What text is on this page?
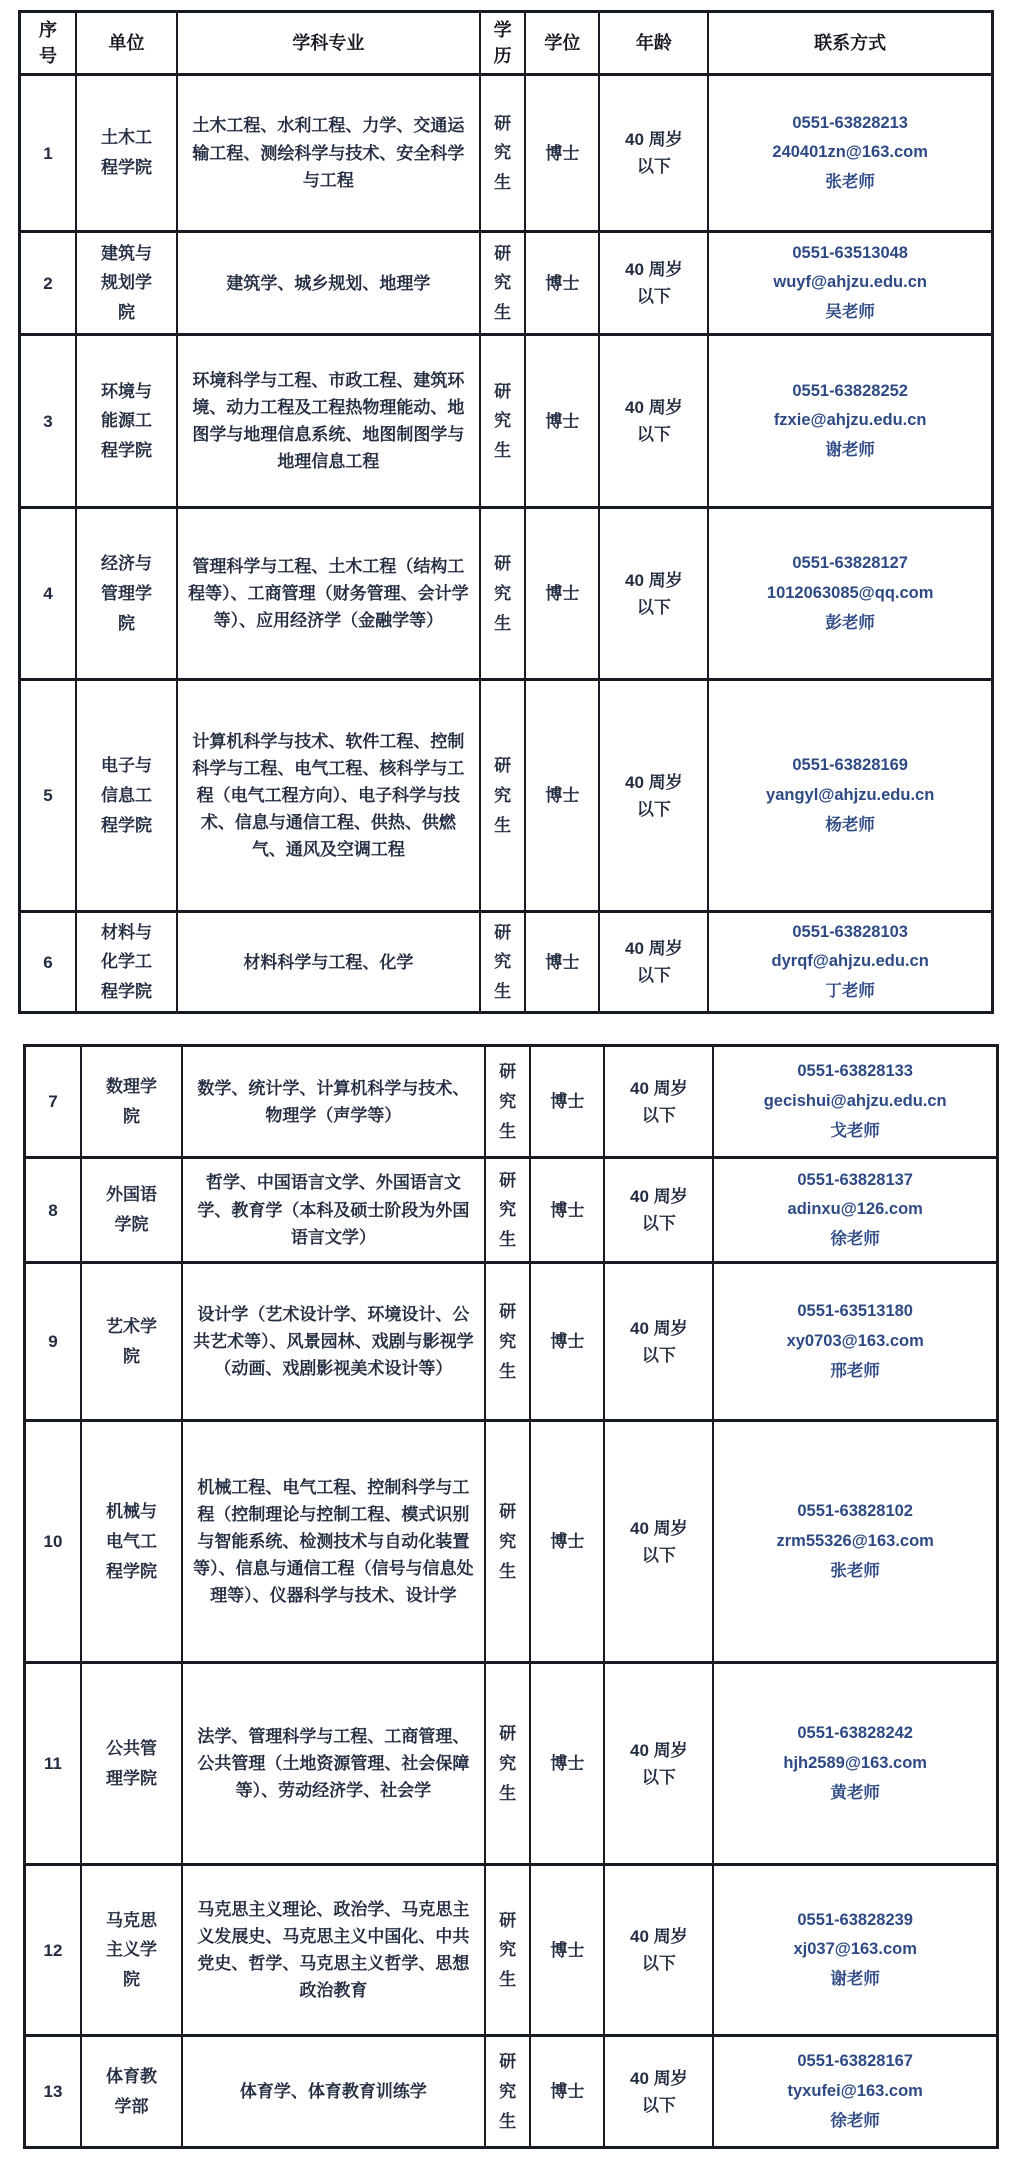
序号	单位	学科专业	学历	学位	年龄	联系方式
1	土木工程学院	土木工程、水利工程、力学、交通运输工程、测绘科学与技术、安全科学与工程	研究生	博士	40 周岁以下	0551-63828213
240401zn@163.com
张老师

2	建筑与规划学院	建筑学、城乡规划、地理学	研究生	博士	40 周岁以下	0551-63513048
wuyf@ahjzu.edu.cn
吴老师

3	环境与能源工程学院	环境科学与工程、市政工程、建筑环境、动力工程及工程热物理能动、地图学与地理信息系统、地图制图学与地理信息工程	研究生	博士	40 周岁以下	0551-63828252
fzxie@ahjzu.edu.cn
谢老师

4	经济与管理学院	管理科学与工程、土木工程（结构工程等）、工商管理（财务管理、会计学等）、应用经济学（金融学等）	研究生	博士	40 周岁以下	0551-63828127
1012063085@qq.com
彭老师

5	电子与信息工程学院	计算机科学与技术、软件工程、控制科学与工程、电气工程、核科学与工程（电气工程方向）、电子科学与技术、信息与通信工程、供热、供燃气、通风及空调工程	研究生	博士	40 周岁以下	0551-63828169
yangyl@ahjzu.edu.cn
杨老师

6	材料与化学工程学院	材料科学与工程、化学	研究生	博士	40 周岁以下	0551-63828103
dyrqf@ahjzu.edu.cn
丁老师
7	数理学院	数学、统计学、计算机科学与技术、物理学（声学等）	研究生	博士	40 周岁以下	0551-63828133
gecishui@ahjzu.edu.cn
戈老师

8	外国语学院	哲学、中国语言文学、外国语言文学、教育学（本科及硕士阶段为外国语言文学）	研究生	博士	40 周岁以下	0551-63828137
adinxu@126.com
徐老师

9	艺术学院	设计学（艺术设计学、环境设计、公共艺术等）、风景园林、戏剧与影视学（动画、戏剧影视美术设计等）	研究生	博士	40 周岁以下	0551-63513180
xy0703@163.com
邢老师

10	机械与电气工程学院	机械工程、电气工程、控制科学与工程（控制理论与控制工程、模式识别与智能系统、检测技术与自动化装置等）、信息与通信工程（信号与信息处理等）、仪器科学与技术、设计学	研究生	博士	40 周岁以下	0551-63828102
zrm55326@163.com
张老师

11	公共管理学院	法学、管理科学与工程、工商管理、公共管理（土地资源管理、社会保障等）、劳动经济学、社会学	研究生	博士	40 周岁以下	0551-63828242
hjh2589@163.com
黄老师

12	马克思主义学院	马克思主义理论、政治学、马克思主义发展史、马克思主义中国化、中共党史、哲学、马克思主义哲学、思想政治教育	研究生	博士	40 周岁以下	0551-63828239
xj037@163.com
谢老师

13	体育教学部	体育学、体育教育训练学	研究生	博士	40 周岁以下	0551-63828167
tyxufei@163.com
徐老师
